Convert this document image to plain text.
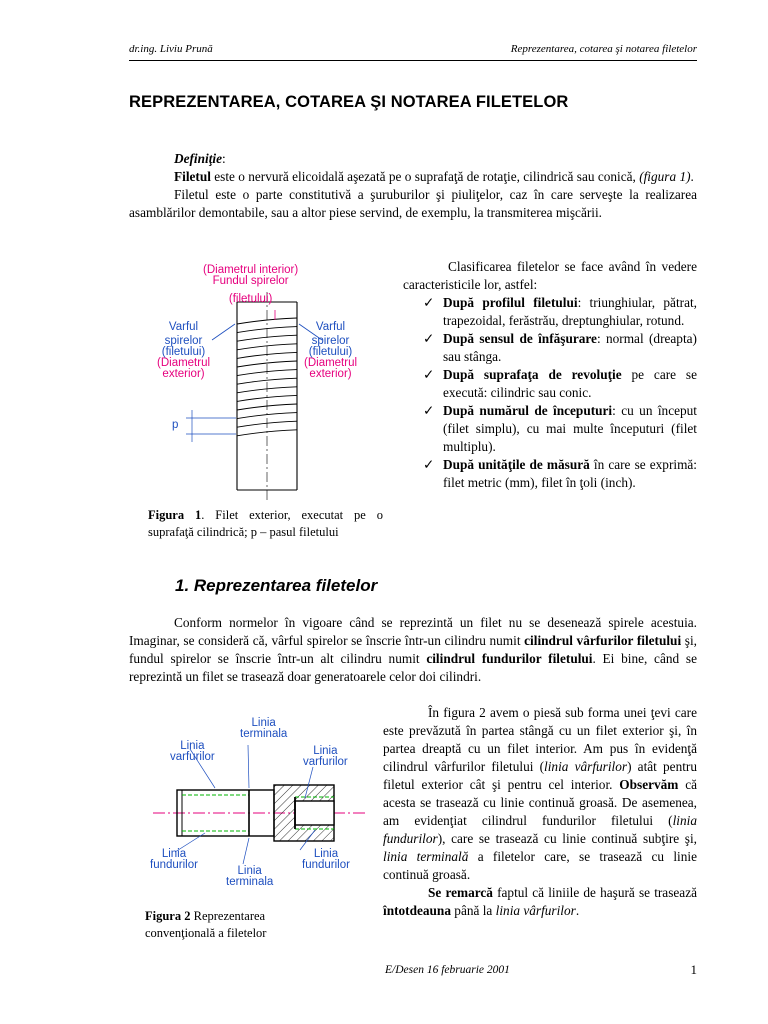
dr.ing. Liviu Prună	Reprezentarea, cotarea şi notarea filetelor
REPREZENTAREA, COTAREA ŞI NOTAREA FILETELOR
Definiţie:
Filetul este o nervură elicoidală aşezată pe o suprafaţă de rotaţie, cilindrică sau conică, (figura 1).
Filetul este o parte constitutivă a şuruburilor şi piuliţelor, caz în care serveşte la realizarea asamblărilor demontabile, sau a altor piese servind, de exemplu, la transmiterea mişcării.
(Diametrul interior)
Fundul spirelor
(filetului)
Varful
spirelor
(filetului)
(Diametrul
exterior)
Varful
spirelor
(filetului)
(Diametrul
exterior)
p
Figura 1. Filet exterior, executat pe o suprafaţă cilindrică; p – pasul filetului
Clasificarea filetelor se face având în vedere caracteristicile lor, astfel:
✓ După profilul filetului: triunghiular, pătrat, trapezoidal, ferăstrău, dreptunghiular, rotund.
✓ După sensul de înfăşurare: normal (dreapta) sau stânga.
✓ După suprafaţa de revoluţie pe care se execută: cilindric sau conic.
✓ După numărul de începuturi: cu un început (filet simplu), cu mai multe începuturi (filet multiplu).
✓ După unităţile de măsură în care se exprimă: filet metric (mm), filet în ţoli (inch).
1. Reprezentarea filetelor
Conform normelor în vigoare când se reprezintă un filet nu se desenează spirele acestuia. Imaginar, se consideră că, vârful spirelor se înscrie într-un cilindru numit cilindrul vârfurilor filetului şi, fundul spirelor se înscrie într-un alt cilindru numit cilindrul fundurilor filetului. Ei bine, când se reprezintă un filet se trasează doar generatoarele celor doi cilindri.
În figura 2 avem o piesă sub forma unei ţevi care este prevăzută în partea stângă cu un filet exterior şi, în partea dreaptă cu un filet interior. Am pus în evidenţă cilindrul vârfurilor filetului (linia vârfurilor) atât pentru filetul exterior cât şi pentru cel interior. Observăm că acesta se trasează cu linie continuă groasă. De asemenea, am evidenţiat cilindrul fundurilor filetului (linia fundurilor), care se trasează cu linie continuă subţire şi, linia terminală a filetelor care, se trasează cu linie continuă groasă.
Se remarcă faptul că liniile de haşură se trasează întotdeauna până la linia vârfurilor.
Linia
terminala
Linia
varfurilor	Linia
varfurilor
Linia
fundurilor	Linia
terminala
Linia
fundurilor
Figura 2 Reprezentarea convenţională a filetelor
E/Desen 16 februarie 2001	1
